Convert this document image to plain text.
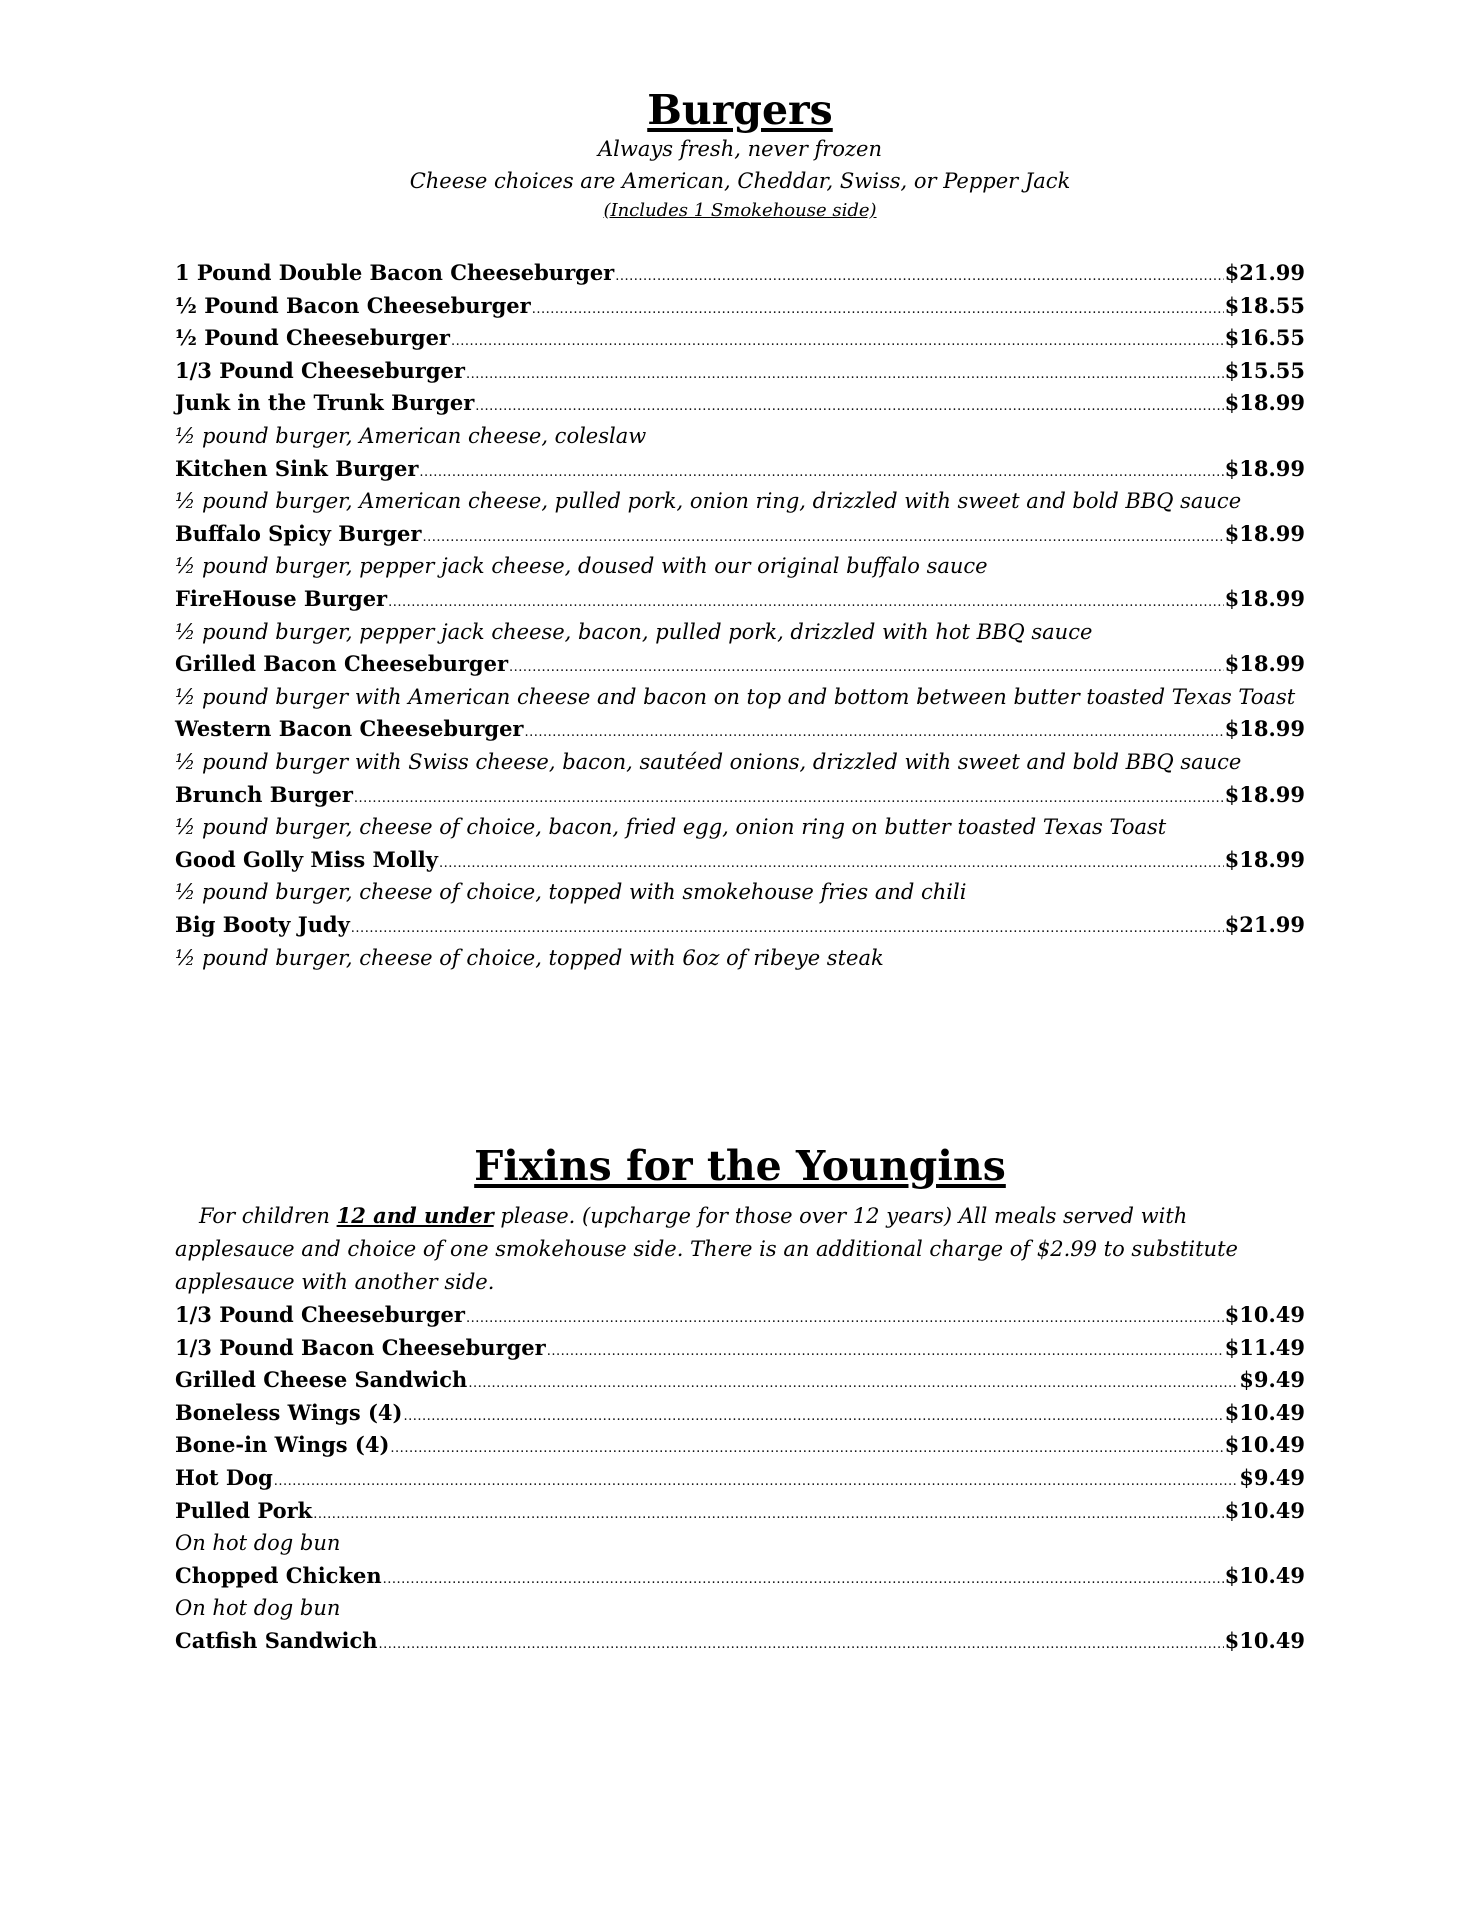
Burgers
Always fresh, never frozen
Cheese choices are American, Cheddar, Swiss, or Pepper Jack
(Includes 1 Smokehouse side)
1 Pound Double Bacon Cheeseburger .....	$21.99
½ Pound Bacon Cheeseburger .....	$18.55
½ Pound Cheeseburger .....	$16.55
1/3 Pound Cheeseburger .....	$15.55
Junk in the Trunk Burger .....	$18.99
½ pound burger, American cheese, coleslaw
Kitchen Sink Burger .....	$18.99
½ pound burger, American cheese, pulled pork, onion ring, drizzled with sweet and bold BBQ sauce
Buffalo Spicy Burger .....	$18.99
½ pound burger, pepper jack cheese, doused with our original buffalo sauce
FireHouse Burger .....	$18.99
½ pound burger, pepper jack cheese, bacon, pulled pork, drizzled with hot BBQ sauce
Grilled Bacon Cheeseburger .....	$18.99
½ pound burger with American cheese and bacon on top and bottom between butter toasted Texas Toast
Western Bacon Cheeseburger .....	$18.99
½ pound burger with Swiss cheese, bacon, sautéed onions, drizzled with sweet and bold BBQ sauce
Brunch Burger .....	$18.99
½ pound burger, cheese of choice, bacon, fried egg, onion ring on butter toasted Texas Toast
Good Golly Miss Molly .....	$18.99
½ pound burger, cheese of choice, topped with smokehouse fries and chili
Big Booty Judy .....	$21.99
½ pound burger, cheese of choice, topped with 6oz of ribeye steak
Fixins for the Youngins

For children 12 and under please. (upcharge for those over 12 years) All meals served with applesauce and choice of one smokehouse side. There is an additional charge of $2.99 to substitute applesauce with another side.

1/3 Pound Cheeseburger .....	$10.49
1/3 Pound Bacon Cheeseburger .....	$11.49
Grilled Cheese Sandwich .....	$9.49
Boneless Wings (4) .....	$10.49
Bone-in Wings (4) .....	$10.49
Hot Dog .....	$9.49
Pulled Pork .....	$10.49
On hot dog bun
Chopped Chicken .....	$10.49
On hot dog bun
Catfish Sandwich .....	$10.49
